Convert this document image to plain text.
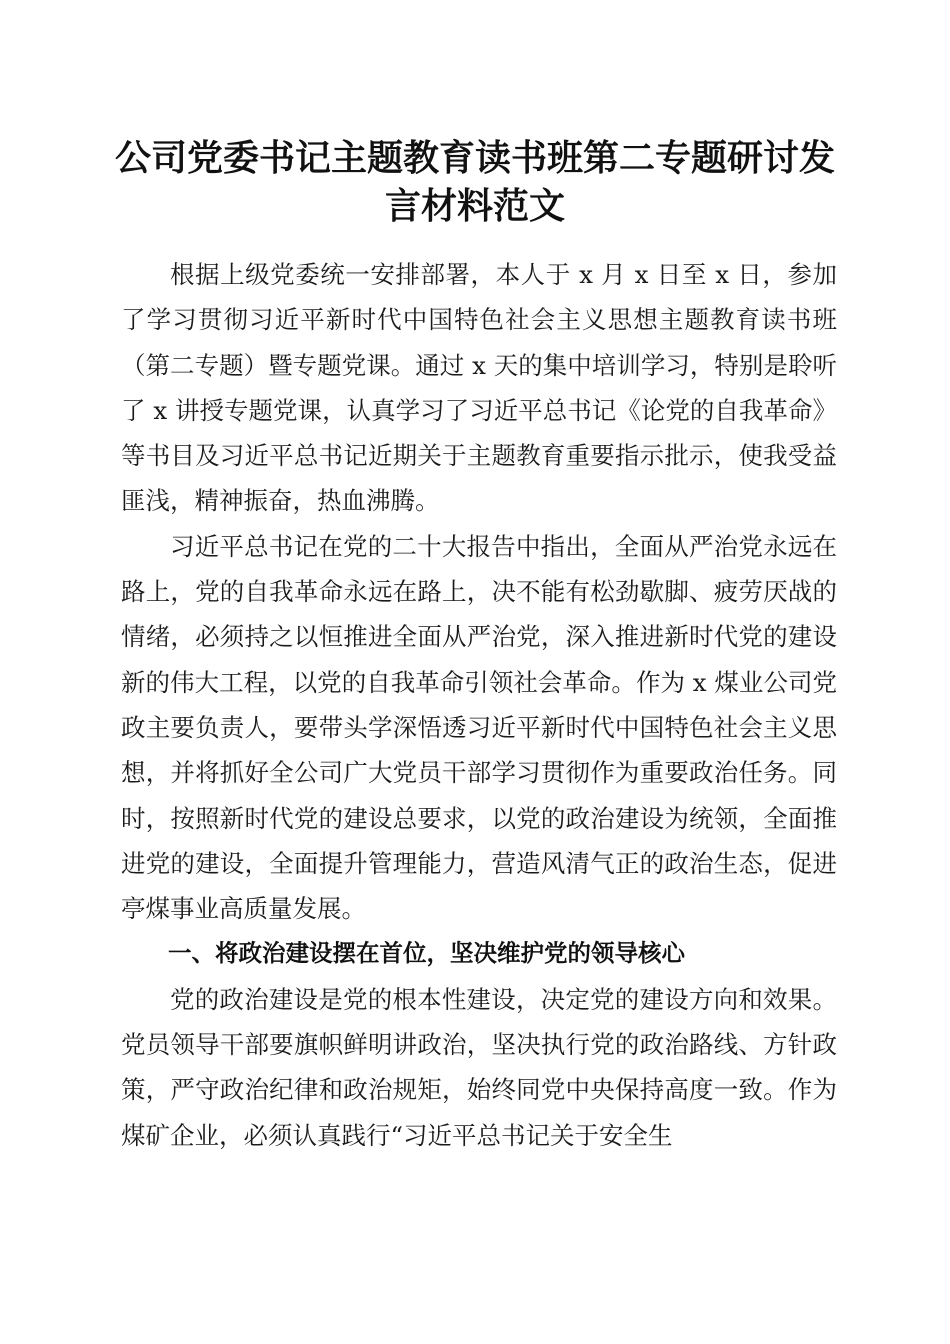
公司党委书记主题教育读书班第二专题研讨发言材料范文

根据上级党委统一安排部署，本人于 x 月 x 日至 x 日，参加了学习贯彻习近平新时代中国特色社会主义思想主题教育读书班（第二专题）暨专题党课。通过 x 天的集中培训学习，特别是聆听了 x 讲授专题党课，认真学习了习近平总书记《论党的自我革命》等书目及习近平总书记近期关于主题教育重要指示批示，使我受益匪浅，精神振奋，热血沸腾。

习近平总书记在党的二十大报告中指出，全面从严治党永远在路上，党的自我革命永远在路上，决不能有松劲歇脚、疲劳厌战的情绪，必须持之以恒推进全面从严治党，深入推进新时代党的建设新的伟大工程，以党的自我革命引领社会革命。作为 x 煤业公司党政主要负责人，要带头学深悟透习近平新时代中国特色社会主义思想，并将抓好全公司广大党员干部学习贯彻作为重要政治任务。同时，按照新时代党的建设总要求，以党的政治建设为统领，全面推进党的建设，全面提升管理能力，营造风清气正的政治生态，促进亭煤事业高质量发展。

一、将政治建设摆在首位，坚决维护党的领导核心

党的政治建设是党的根本性建设，决定党的建设方向和效果。党员领导干部要旗帜鲜明讲政治，坚决执行党的政治路线、方针政策，严守政治纪律和政治规矩，始终同党中央保持高度一致。作为煤矿企业，必须认真践行“习近平总书记关于安全生
